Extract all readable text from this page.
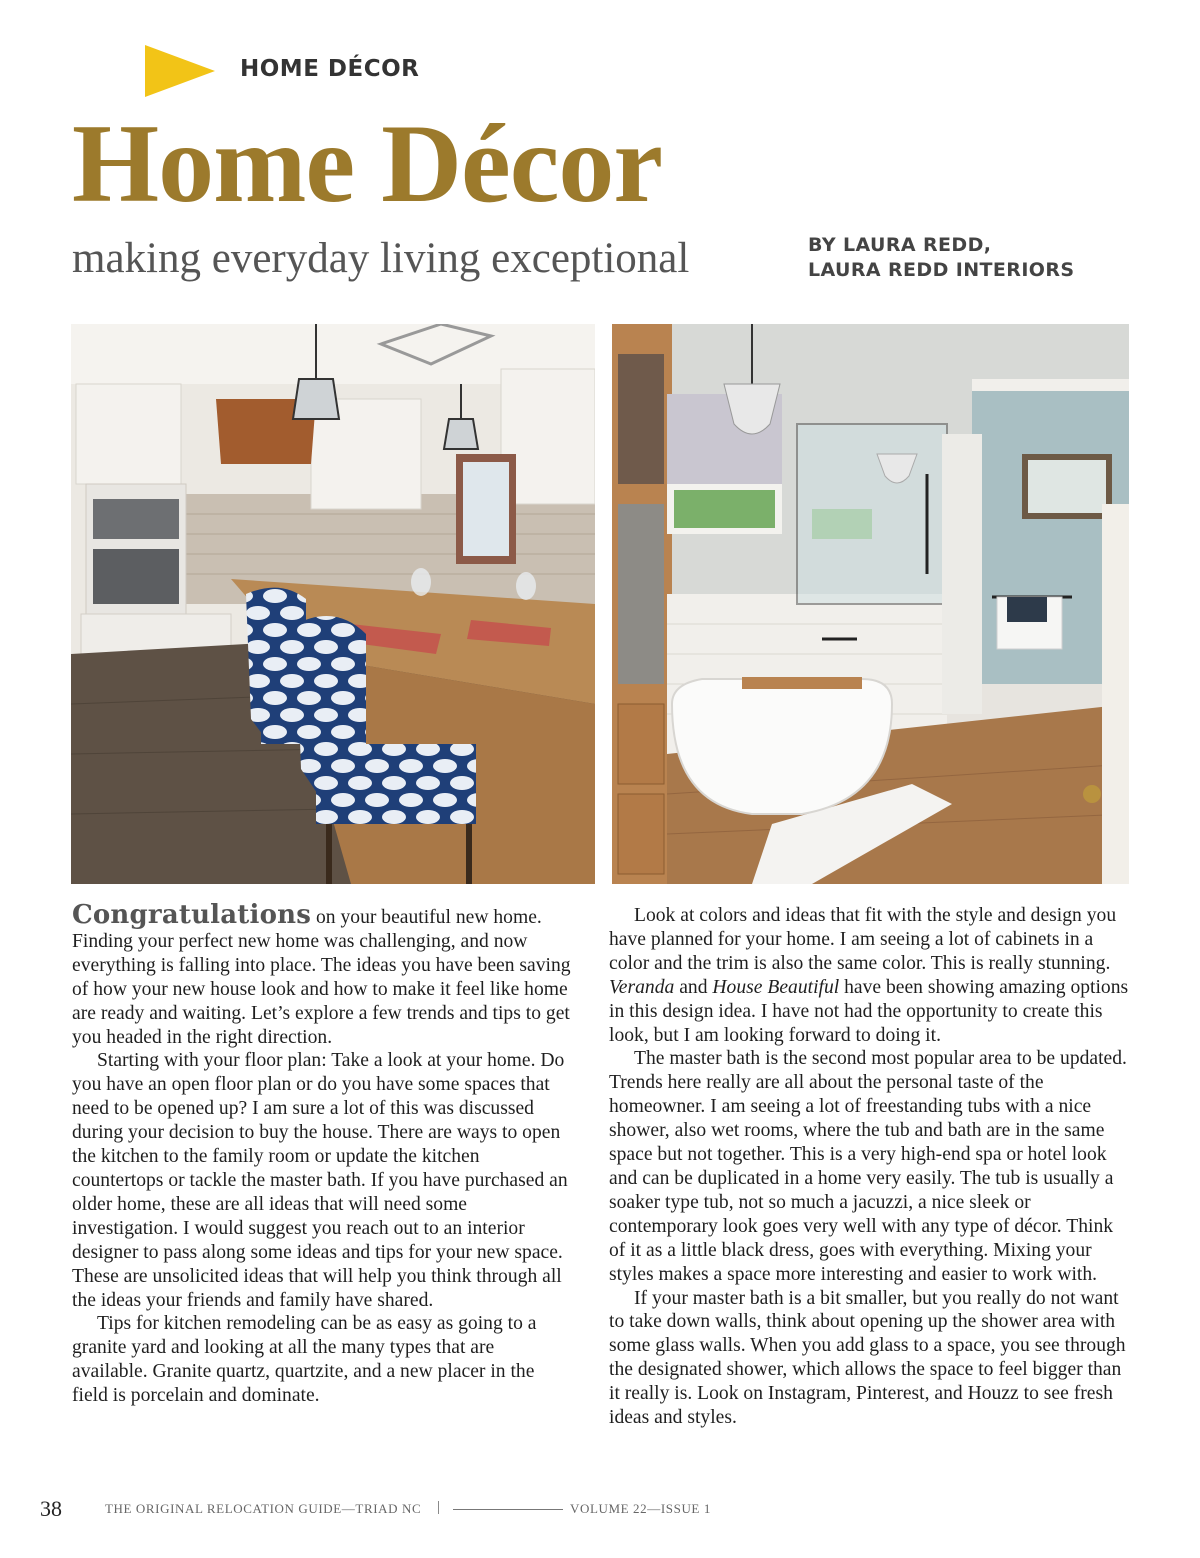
HOME DÉCOR
Home Décor
making everyday living exceptional	BY LAURA REDD,
LAURA REDD INTERIORS

Congratulations on your beautiful new home. Finding your perfect new home was challenging, and now everything is falling into place. The ideas you have been saving of how your new house look and how to make it feel like home are ready and waiting. Let’s explore a few trends and tips to get you headed in the right direction.

Starting with your floor plan: Take a look at your home. Do you have an open floor plan or do you have some spaces that need to be opened up? I am sure a lot of this was discussed during your decision to buy the house. There are ways to open the kitchen to the family room or update the kitchen countertops or tackle the master bath. If you have purchased an older home, these are all ideas that will need some investigation. I would suggest you reach out to an interior designer to pass along some ideas and tips for your new space. These are unsolicited ideas that will help you think through all the ideas your friends and family have shared.

Tips for kitchen remodeling can be as easy as going to a granite yard and looking at all the many types that are available. Granite quartz, quartzite, and a new placer in the field is porcelain and dominate.

Look at colors and ideas that fit with the style and design you have planned for your home. I am seeing a lot of cabinets in a color and the trim is also the same color. This is really stunning. Veranda and House Beautiful have been showing amazing options in this design idea. I have not had the opportunity to create this look, but I am looking forward to doing it.

The master bath is the second most popular area to be updated. Trends here really are all about the personal taste of the homeowner. I am seeing a lot of freestanding tubs with a nice shower, also wet rooms, where the tub and bath are in the same space but not together. This is a very high-end spa or hotel look and can be duplicated in a home very easily. The tub is usually a soaker type tub, not so much a jacuzzi, a nice sleek or contemporary look goes very well with any type of décor. Think of it as a little black dress, goes with everything. Mixing your styles makes a space more interesting and easier to work with.

If your master bath is a bit smaller, but you really do not want to take down walls, think about opening up the shower area with some glass walls. When you add glass to a space, you see through the designated shower, which allows the space to feel bigger than it really is. Look on Instagram, Pinterest, and Houzz to see fresh ideas and styles.

38	THE ORIGINAL RELOCATION GUIDE—TRIAD NC |	VOLUME 22—ISSUE 1
